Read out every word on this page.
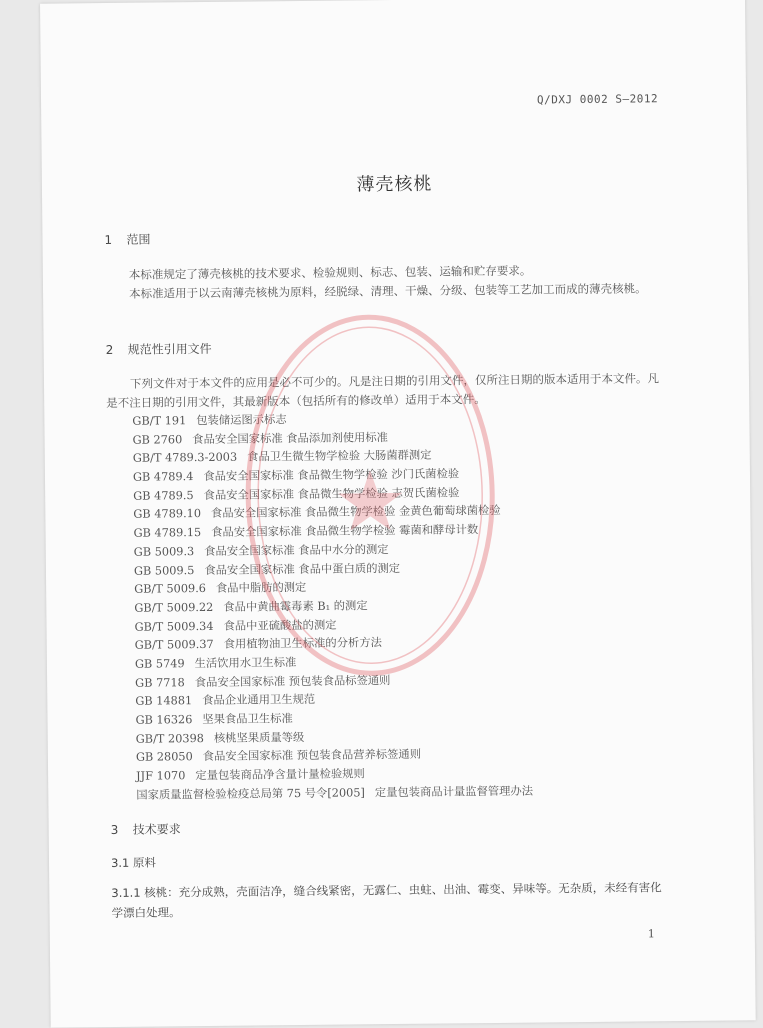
Q/DXJ 0002 S—2012
薄壳核桃
1 范围
本标准规定了薄壳核桃的技术要求、检验规则、标志、包装、运输和贮存要求。
本标准适用于以云南薄壳核桃为原料，经脱绿、清理、干燥、分级、包装等工艺加工而成的薄壳核桃。
2 规范性引用文件
下列文件对于本文件的应用是必不可少的。凡是注日期的引用文件，仅所注日期的版本适用于本文件。凡是不注日期的引用文件，其最新版本（包括所有的修改单）适用于本文件。
GB/T 191 包装储运图示标志
GB 2760 食品安全国家标准 食品添加剂使用标准
GB/T 4789.3-2003 食品卫生微生物学检验 大肠菌群测定
GB 4789.4 食品安全国家标准 食品微生物学检验 沙门氏菌检验
GB 4789.5 食品安全国家标准 食品微生物学检验 志贺氏菌检验
GB 4789.10 食品安全国家标准 食品微生物学检验 金黄色葡萄球菌检验
GB 4789.15 食品安全国家标准 食品微生物学检验 霉菌和酵母计数
GB 5009.3 食品安全国家标准 食品中水分的测定
GB 5009.5 食品安全国家标准 食品中蛋白质的测定
GB/T 5009.6 食品中脂肪的测定
GB/T 5009.22 食品中黄曲霉毒素 B₁ 的测定
GB/T 5009.34 食品中亚硫酸盐的测定
GB/T 5009.37 食用植物油卫生标准的分析方法
GB 5749 生活饮用水卫生标准
GB 7718 食品安全国家标准 预包装食品标签通则
GB 14881 食品企业通用卫生规范
GB 16326 坚果食品卫生标准
GB/T 20398 核桃坚果质量等级
GB 28050 食品安全国家标准 预包装食品营养标签通则
JJF 1070 定量包装商品净含量计量检验规则
国家质量监督检验检疫总局第 75 号令[2005] 定量包装商品计量监督管理办法
3 技术要求
3.1 原料
3.1.1 核桃：充分成熟，壳面洁净，缝合线紧密，无露仁、虫蛀、出油、霉变、异味等。无杂质，未经有害化学漂白处理。
1
